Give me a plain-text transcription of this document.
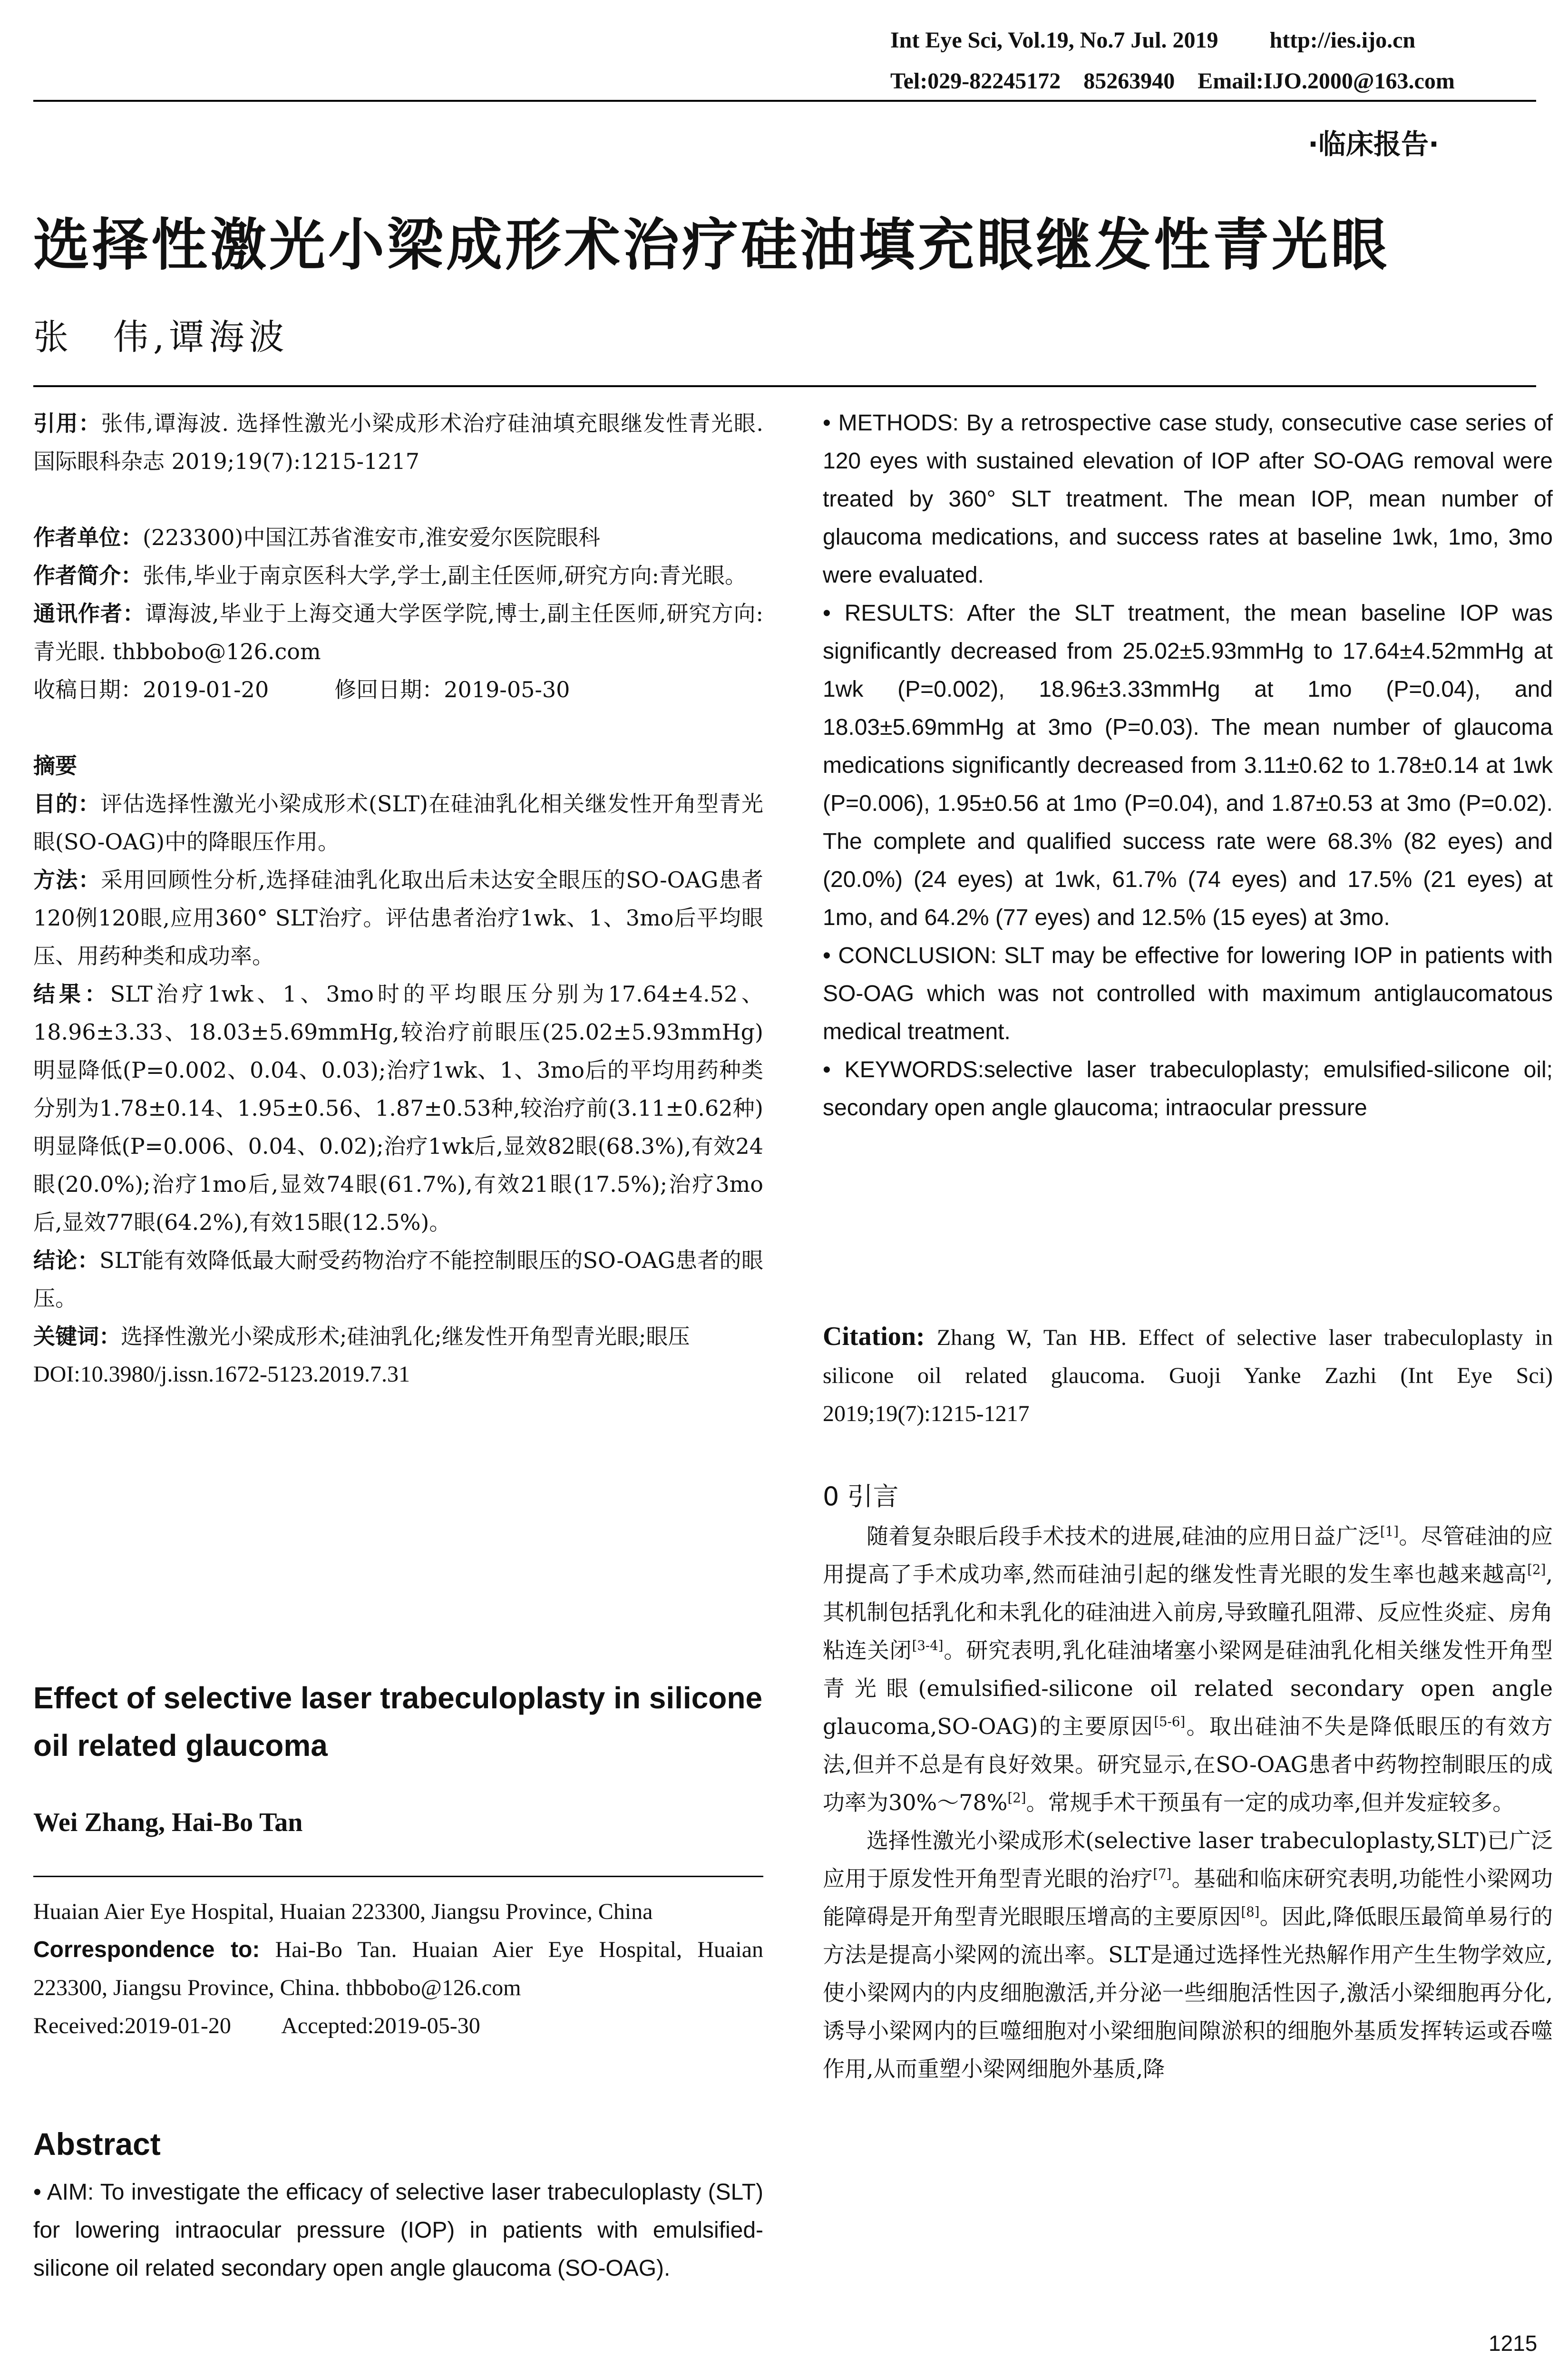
Int Eye Sci, Vol.19, No.7 Jul. 2019　　 http://ies.ijo.cn
Tel:029-82245172　85263940　Email:IJO.2000@163.com
·临床报告·
选择性激光小梁成形术治疗硅油填充眼继发性青光眼
张　伟,谭海波

引用：张伟,谭海波. 选择性激光小梁成形术治疗硅油填充眼继发性青光眼. 国际眼科杂志 2019;19(7):1215-1217

作者单位：(223300)中国江苏省淮安市,淮安爱尔医院眼科

作者简介：张伟,毕业于南京医科大学,学士,副主任医师,研究方向:青光眼。

通讯作者：谭海波,毕业于上海交通大学医学院,博士,副主任医师,研究方向:青光眼. thbbobo@126.com

收稿日期：2019-01-20　　　修回日期：2019-05-30

摘要

目的：评估选择性激光小梁成形术(SLT)在硅油乳化相关继发性开角型青光眼(SO-OAG)中的降眼压作用。

方法：采用回顾性分析,选择硅油乳化取出后未达安全眼压的SO-OAG患者120例120眼,应用360° SLT治疗。评估患者治疗1wk、1、3mo后平均眼压、用药种类和成功率。

结果：SLT治疗1wk、1、3mo时的平均眼压分别为17.64±4.52、18.96±3.33、18.03±5.69mmHg,较治疗前眼压(25.02±5.93mmHg)明显降低(P=0.002、0.04、0.03);治疗1wk、1、3mo后的平均用药种类分别为1.78±0.14、1.95±0.56、1.87±0.53种,较治疗前(3.11±0.62种)明显降低(P=0.006、0.04、0.02);治疗1wk后,显效82眼(68.3%),有效24眼(20.0%);治疗1mo后,显效74眼(61.7%),有效21眼(17.5%);治疗3mo后,显效77眼(64.2%),有效15眼(12.5%)。

结论：SLT能有效降低最大耐受药物治疗不能控制眼压的SO-OAG患者的眼压。

关键词：选择性激光小梁成形术;硅油乳化;继发性开角型青光眼;眼压

DOI:10.3980/j.issn.1672-5123.2019.7.31

Effect of selective laser trabeculoplasty in silicone oil related glaucoma
Wei Zhang, Hai-Bo Tan

Huaian Aier Eye Hospital, Huaian 223300, Jiangsu Province, China

Correspondence to: Hai-Bo Tan. Huaian Aier Eye Hospital, Huaian 223300, Jiangsu Province, China. thbbobo@126.com

Received:2019-01-20　　 Accepted:2019-05-30

Abstract

• AIM: To investigate the efficacy of selective laser trabeculoplasty (SLT) for lowering intraocular pressure (IOP) in patients with emulsified-silicone oil related secondary open angle glaucoma (SO-OAG).

• METHODS: By a retrospective case study, consecutive case series of 120 eyes with sustained elevation of IOP after SO-OAG removal were treated by 360° SLT treatment. The mean IOP, mean number of glaucoma medications, and success rates at baseline 1wk, 1mo, 3mo were evaluated.

• RESULTS: After the SLT treatment, the mean baseline IOP was significantly decreased from 25.02±5.93mmHg to 17.64±4.52mmHg at 1wk (P=0.002), 18.96±3.33mmHg at 1mo (P=0.04), and 18.03±5.69mmHg at 3mo (P=0.03). The mean number of glaucoma medications significantly decreased from 3.11±0.62 to 1.78±0.14 at 1wk (P=0.006), 1.95±0.56 at 1mo (P=0.04), and 1.87±0.53 at 3mo (P=0.02). The complete and qualified success rate were 68.3% (82 eyes) and (20.0%) (24 eyes) at 1wk, 61.7% (74 eyes) and 17.5% (21 eyes) at 1mo, and 64.2% (77 eyes) and 12.5% (15 eyes) at 3mo.

• CONCLUSION: SLT may be effective for lowering IOP in patients with SO-OAG which was not controlled with maximum antiglaucomatous medical treatment.

• KEYWORDS:selective laser trabeculoplasty; emulsified-silicone oil; secondary open angle glaucoma; intraocular pressure

Citation: Zhang W, Tan HB. Effect of selective laser trabeculoplasty in silicone oil related glaucoma. Guoji Yanke Zazhi (Int Eye Sci) 2019;19(7):1215-1217

0 引言

随着复杂眼后段手术技术的进展,硅油的应用日益广泛[1]。尽管硅油的应用提高了手术成功率,然而硅油引起的继发性青光眼的发生率也越来越高[2],其机制包括乳化和未乳化的硅油进入前房,导致瞳孔阻滞、反应性炎症、房角粘连关闭[3-4]。研究表明,乳化硅油堵塞小梁网是硅油乳化相关继发性开角型青光眼(emulsified-silicone oil related secondary open angle glaucoma,SO-OAG)的主要原因[5-6]。取出硅油不失是降低眼压的有效方法,但并不总是有良好效果。研究显示,在SO-OAG患者中药物控制眼压的成功率为30%～78%[2]。常规手术干预虽有一定的成功率,但并发症较多。

选择性激光小梁成形术(selective laser trabeculoplasty,SLT)已广泛应用于原发性开角型青光眼的治疗[7]。基础和临床研究表明,功能性小梁网功能障碍是开角型青光眼眼压增高的主要原因[8]。因此,降低眼压最简单易行的方法是提高小梁网的流出率。SLT是通过选择性光热解作用产生生物学效应,使小梁网内的内皮细胞激活,并分泌一些细胞活性因子,激活小梁细胞再分化,诱导小梁网内的巨噬细胞对小梁细胞间隙淤积的细胞外基质发挥转运或吞噬作用,从而重塑小梁网细胞外基质,降

1215
